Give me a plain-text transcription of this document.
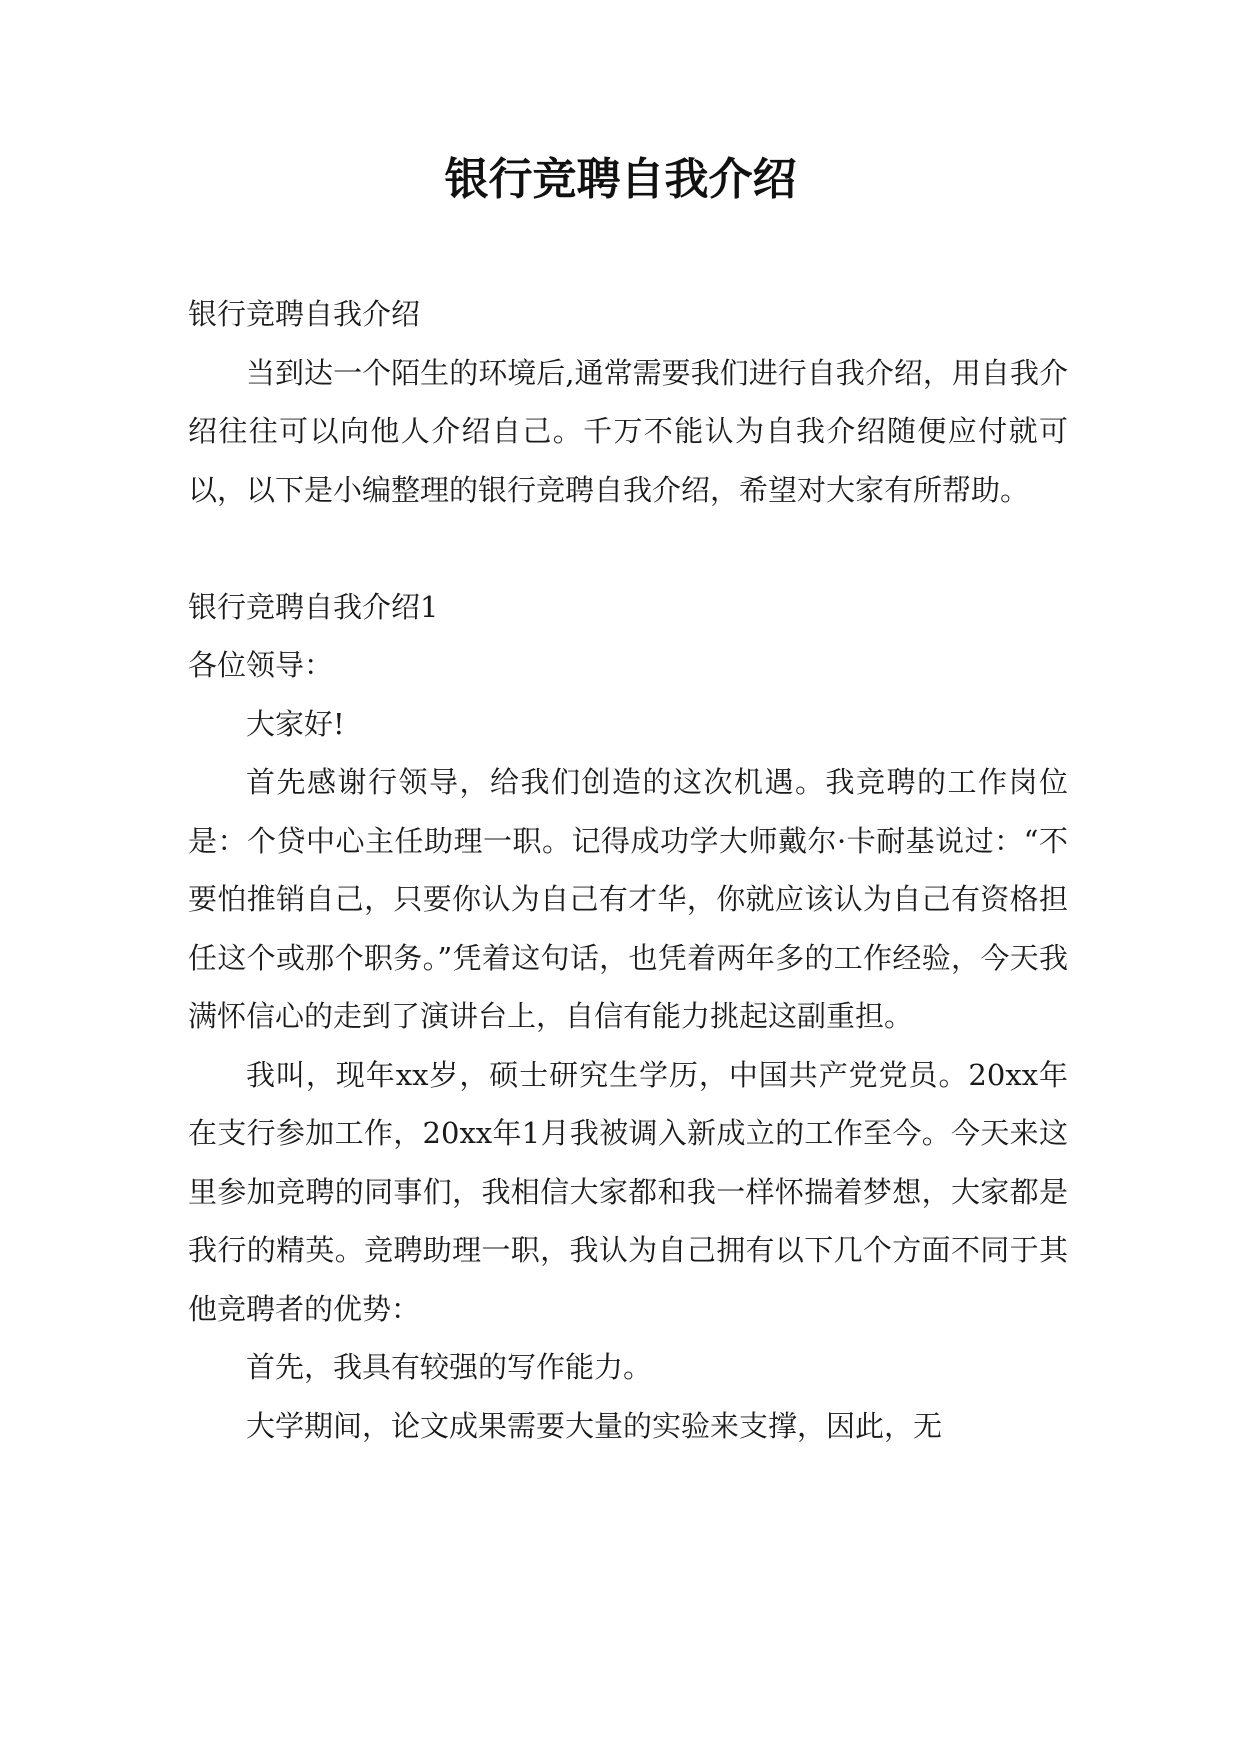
银行竞聘自我介绍

银行竞聘自我介绍

当到达一个陌生的环境后,通常需要我们进行自我介绍，用自我介绍往往可以向他人介绍自己。千万不能认为自我介绍随便应付就可以，以下是小编整理的银行竞聘自我介绍，希望对大家有所帮助。

银行竞聘自我介绍1

各位领导：

大家好!

首先感谢行领导，给我们创造的这次机遇。我竞聘的工作岗位是：个贷中心主任助理一职。记得成功学大师戴尔·卡耐基说过：“不要怕推销自己，只要你认为自己有才华，你就应该认为自己有资格担任这个或那个职务。”凭着这句话，也凭着两年多的工作经验，今天我满怀信心的走到了演讲台上，自信有能力挑起这副重担。

我叫，现年xx岁，硕士研究生学历，中国共产党党员。20xx年在支行参加工作，20xx年1月我被调入新成立的工作至今。今天来这里参加竞聘的同事们，我相信大家都和我一样怀揣着梦想，大家都是我行的精英。竞聘助理一职，我认为自己拥有以下几个方面不同于其他竞聘者的优势：

首先，我具有较强的写作能力。

大学期间，论文成果需要大量的实验来支撑，因此，无
